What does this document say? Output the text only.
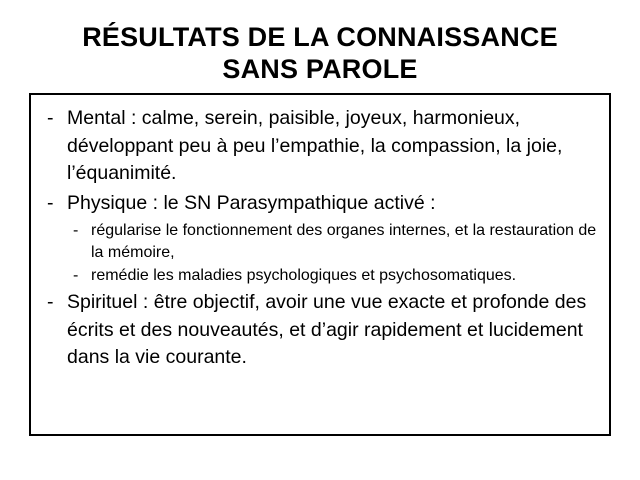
RÉSULTATS DE LA CONNAISSANCE
SANS PAROLE
- Mental : calme, serein, paisible, joyeux, harmonieux, développant peu à peu l’empathie, la compassion, la joie, l’équanimité.
- Physique : le SN Parasympathique activé :
- régularise le fonctionnement des organes internes, et la restauration de la mémoire,
- remédie les maladies psychologiques et psychosomatiques.
- Spirituel : être objectif, avoir une vue exacte et profonde des écrits et des nouveautés, et d’agir rapidement et lucidement dans la vie courante.
